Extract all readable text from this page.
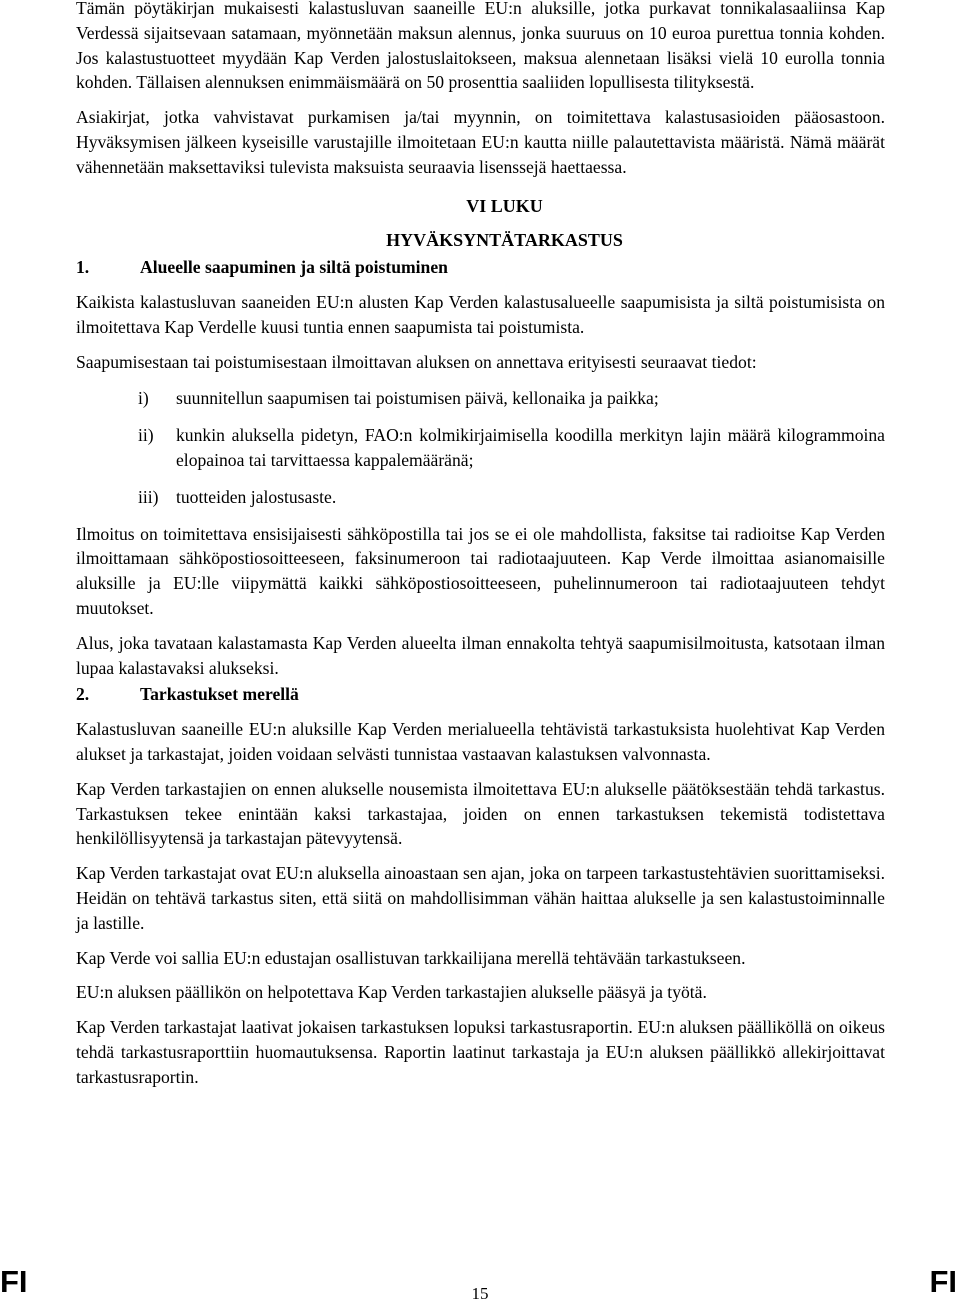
Tämän pöytäkirjan mukaisesti kalastusluvan saaneille EU:n aluksille, jotka purkavat tonnikalasaaliinsa Kap Verdessä sijaitsevaan satamaan, myönnetään maksun alennus, jonka suuruus on 10 euroa purettua tonnia kohden. Jos kalastustuotteet myydään Kap Verden jalostuslaitokseen, maksua alennetaan lisäksi vielä 10 eurolla tonnia kohden. Tällaisen alennuksen enimmäismäärä on 50 prosenttia saaliiden lopullisesta tilityksestä.

Asiakirjat, jotka vahvistavat purkamisen ja/tai myynnin, on toimitettava kalastusasioiden pääosastoon. Hyväksymisen jälkeen kyseisille varustajille ilmoitetaan EU:n kautta niille palautettavista määristä. Nämä määrät vähennetään maksettaviksi tulevista maksuista seuraavia lisenssejä haettaessa.

VI LUKU
HYVÄKSYNTÄTARKASTUS
1.	Alueelle saapuminen ja siltä poistuminen

Kaikista kalastusluvan saaneiden EU:n alusten Kap Verden kalastusalueelle saapumisista ja siltä poistumisista on ilmoitettava Kap Verdelle kuusi tuntia ennen saapumista tai poistumista.

Saapumisestaan tai poistumisestaan ilmoittavan aluksen on annettava erityisesti seuraavat tiedot:

i)	suunnitellun saapumisen tai poistumisen päivä, kellonaika ja paikka;
ii)	kunkin aluksella pidetyn, FAO:n kolmikirjaimisella koodilla merkityn lajin määrä kilogrammoina elopainoa tai tarvittaessa kappalemääränä;
iii) tuotteiden jalostusaste.

Ilmoitus on toimitettava ensisijaisesti sähköpostilla tai jos se ei ole mahdollista, faksitse tai radioitse Kap Verden ilmoittamaan sähköpostiosoitteeseen, faksinumeroon tai radiotaajuuteen. Kap Verde ilmoittaa asianomaisille aluksille ja EU:lle viipymättä kaikki sähköpostiosoitteeseen, puhelinnumeroon tai radiotaajuuteen tehdyt muutokset.

Alus, joka tavataan kalastamasta Kap Verden alueelta ilman ennakolta tehtyä saapumisilmoitusta, katsotaan ilman lupaa kalastavaksi alukseksi.

2.	Tarkastukset merellä

Kalastusluvan saaneille EU:n aluksille Kap Verden merialueella tehtävistä tarkastuksista huolehtivat Kap Verden alukset ja tarkastajat, joiden voidaan selvästi tunnistaa vastaavan kalastuksen valvonnasta.

Kap Verden tarkastajien on ennen alukselle nousemista ilmoitettava EU:n alukselle päätöksestään tehdä tarkastus. Tarkastuksen tekee enintään kaksi tarkastajaa, joiden on ennen tarkastuksen tekemistä todistettava henkilöllisyytensä ja tarkastajan pätevyytensä.

Kap Verden tarkastajat ovat EU:n aluksella ainoastaan sen ajan, joka on tarpeen tarkastustehtävien suorittamiseksi. Heidän on tehtävä tarkastus siten, että siitä on mahdollisimman vähän haittaa alukselle ja sen kalastustoiminnalle ja lastille.

Kap Verde voi sallia EU:n edustajan osallistuvan tarkkailijana merellä tehtävään tarkastukseen.

EU:n aluksen päällikön on helpotettava Kap Verden tarkastajien alukselle pääsyä ja työtä.

Kap Verden tarkastajat laativat jokaisen tarkastuksen lopuksi tarkastusraportin. EU:n aluksen päälliköllä on oikeus tehdä tarkastusraporttiin huomautuksensa. Raportin laatinut tarkastaja ja EU:n aluksen päällikkö allekirjoittavat tarkastusraportin.

FI	15	FI
